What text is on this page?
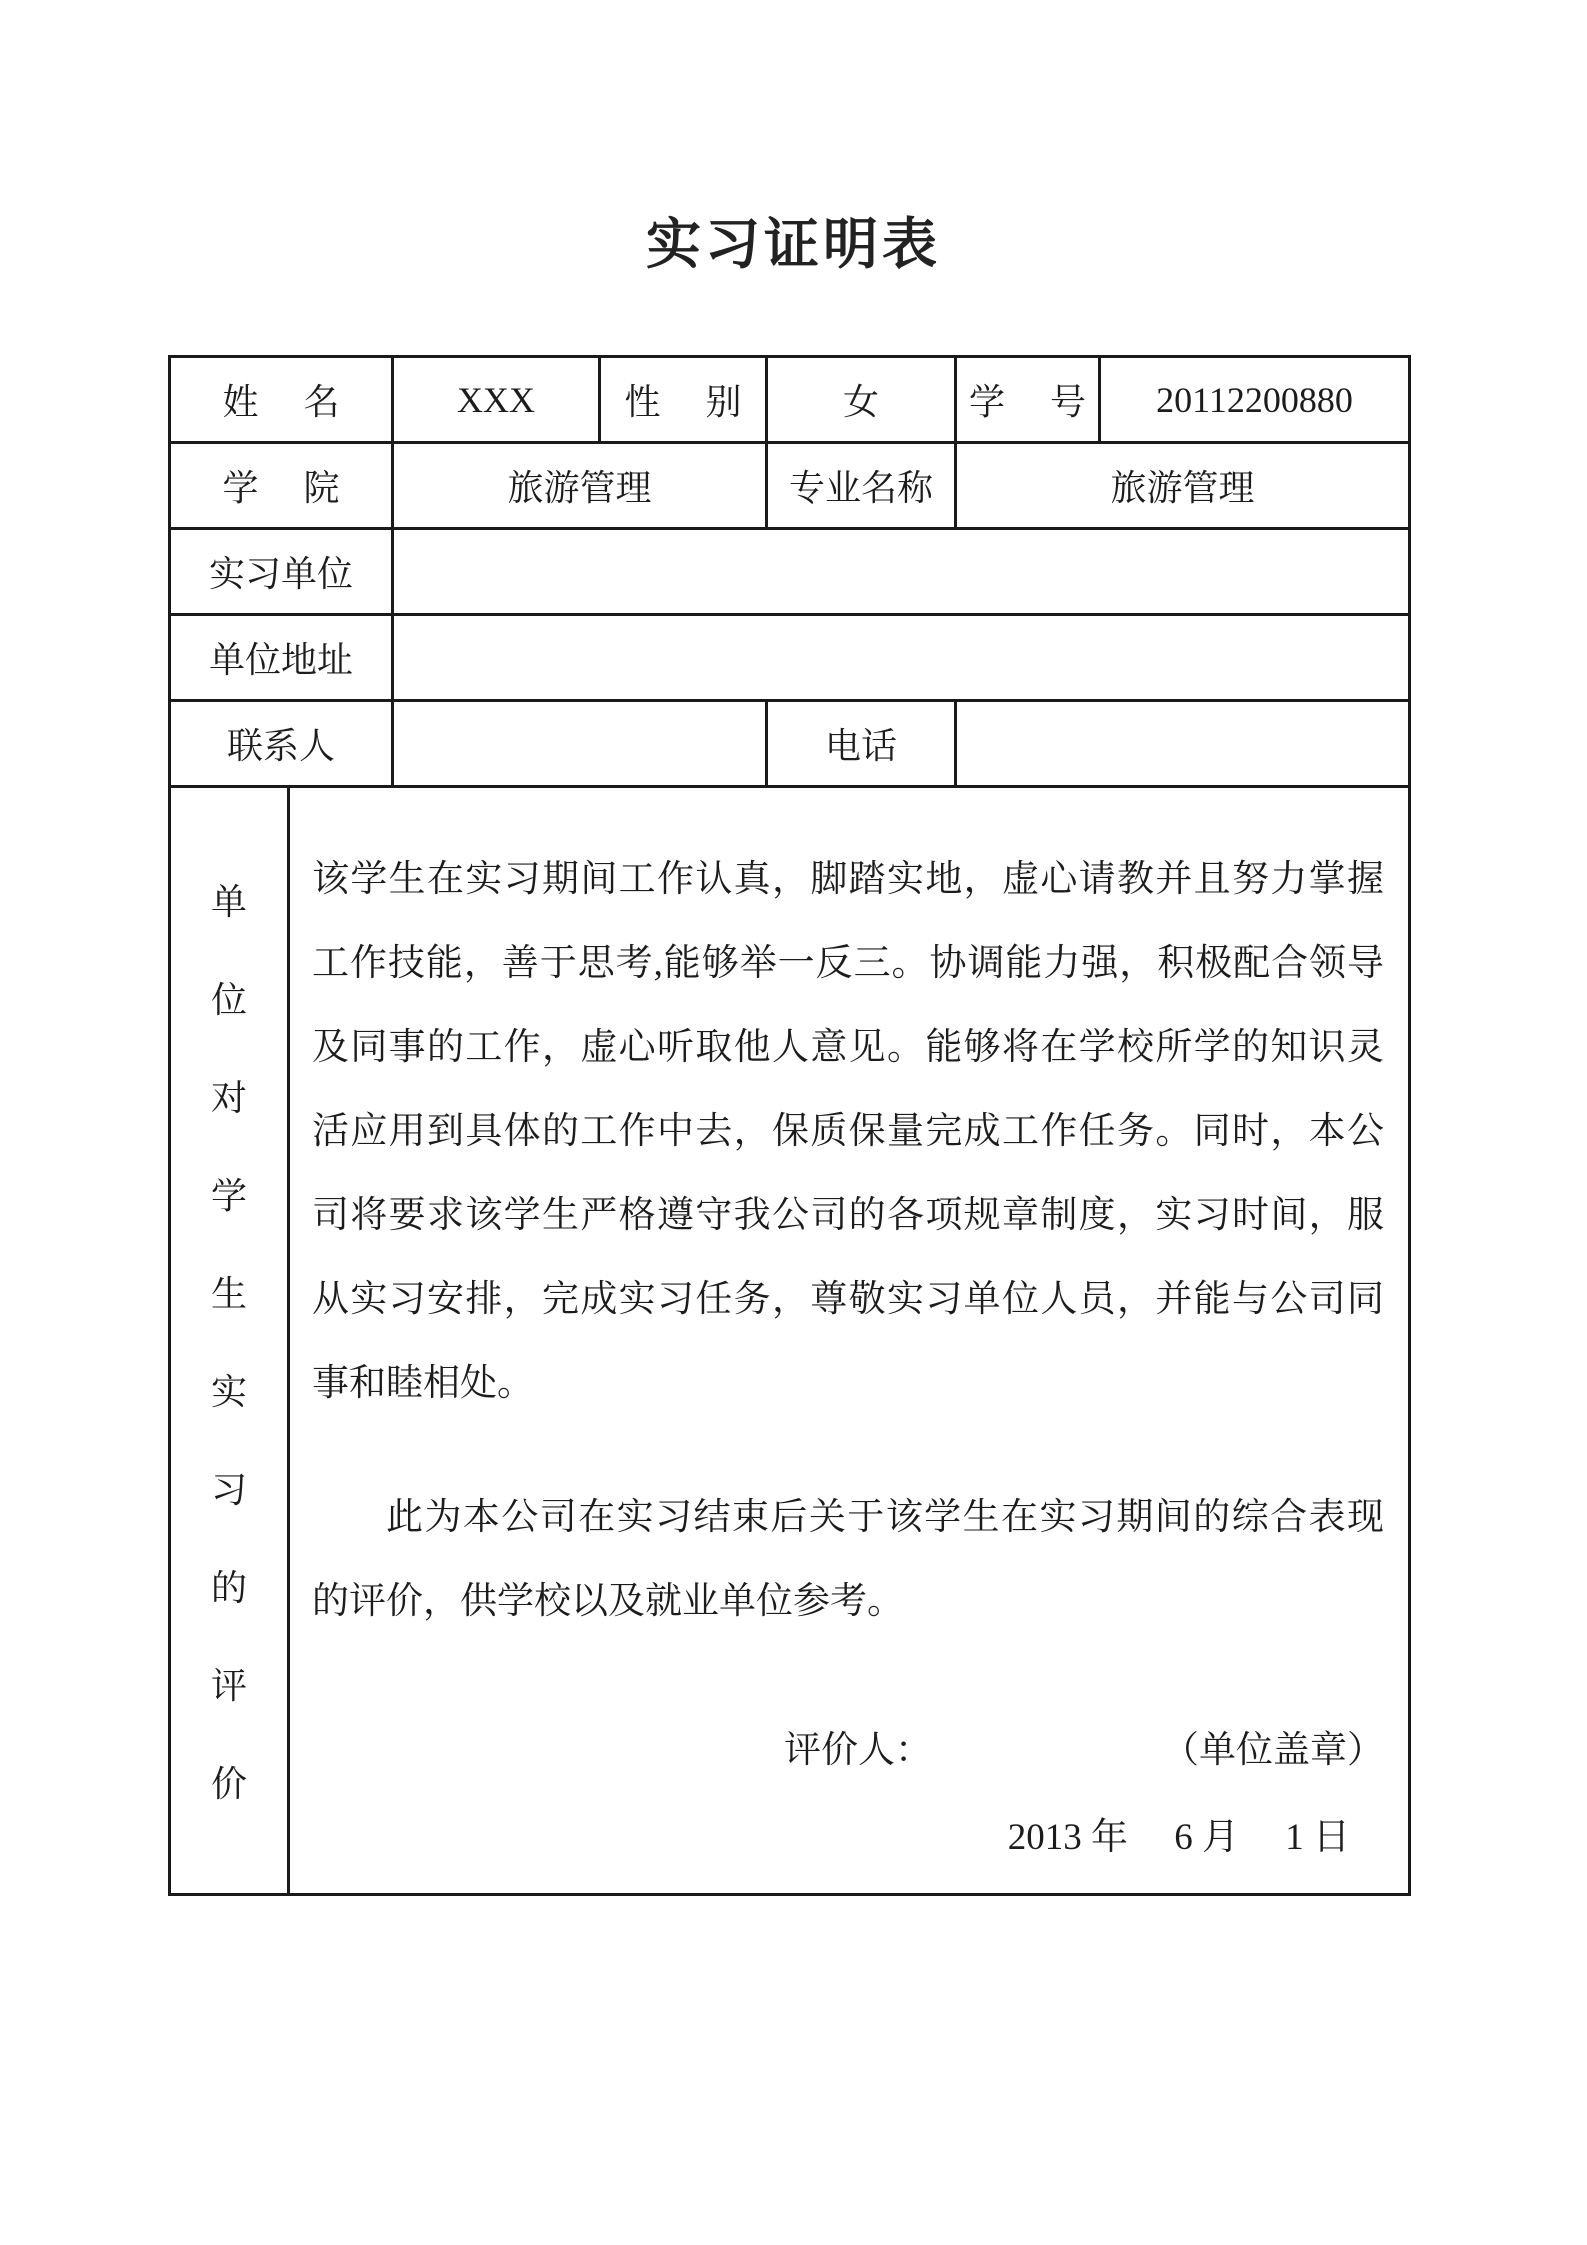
实习证明表
姓　 名		XXX	性　 别	女	学　 号	20112200880
学　 院		旅游管理		专业名称	旅游管理	
实习单位						
单位地址						
联系人				电话		

单
位
对
学
生
实
习
的
评
价

该学生在实习期间工作认真，脚踏实地，虚心请教并且努力掌握工作技能，善于思考,能够举一反三。协调能力强，积极配合领导及同事的工作，虚心听取他人意见。能够将在学校所学的知识灵活应用到具体的工作中去，保质保量完成工作任务。同时，本公司将要求该学生严格遵守我公司的各项规章制度，实习时间，服从实习安排，完成实习任务，尊敬实习单位人员，并能与公司同事和睦相处。

此为本公司在实习结束后关于该学生在实习期间的综合表现的评价，供学校以及就业单位参考。

评价人：	（单位盖章）
2013 年　 6 月　 1 日
